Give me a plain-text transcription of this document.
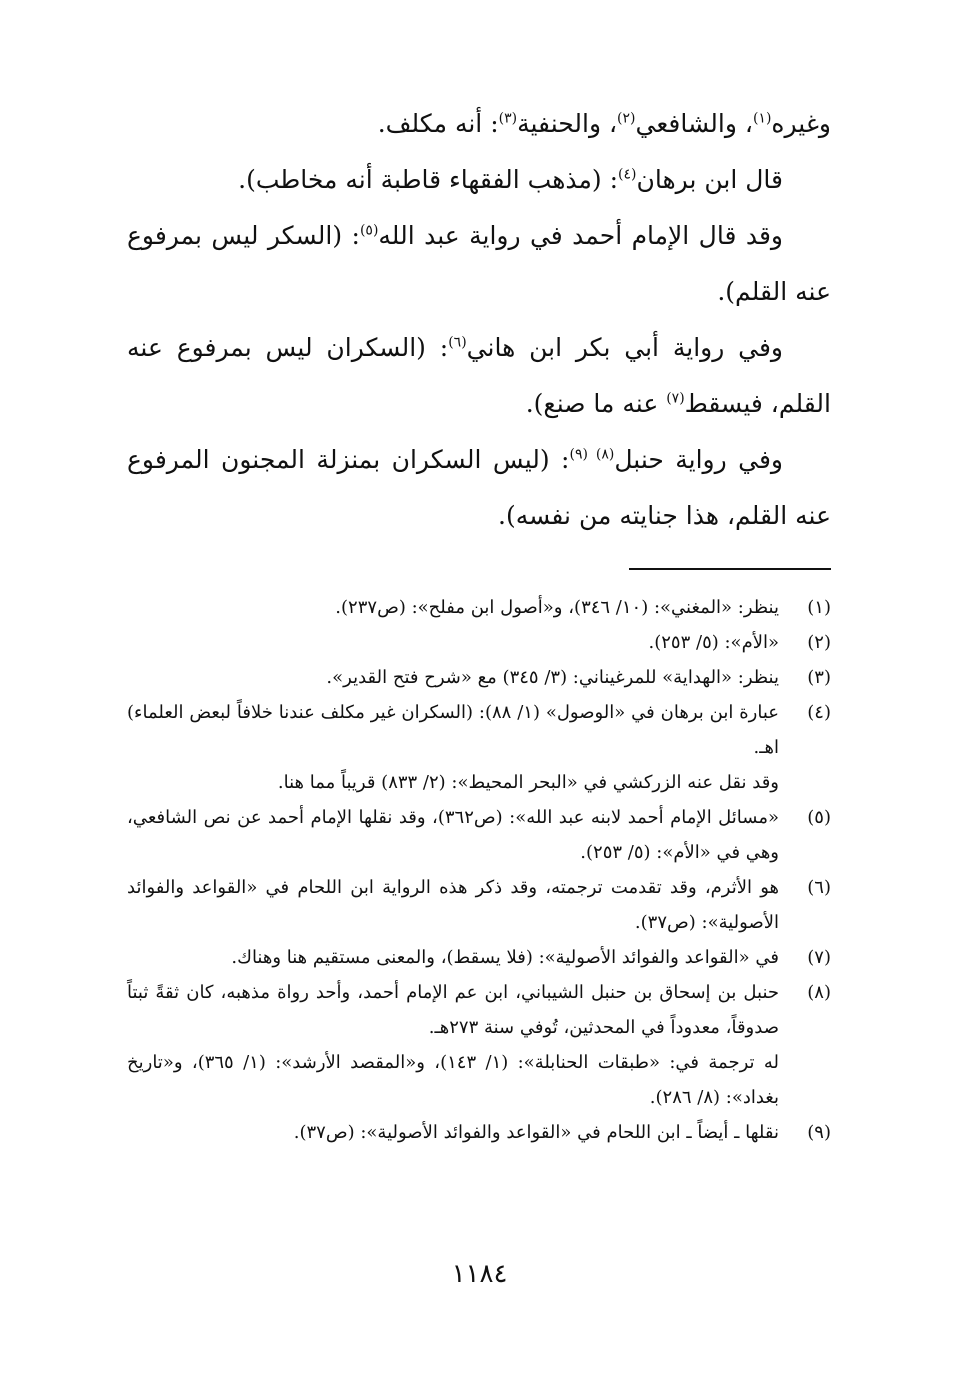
وغيره$^{(١)}$، والشافعي$^{(٢)}$، والحنفية$^{(٣)}$: أنه مكلف.

قال ابن برهان$^{(٤)}$: (مذهب الفقهاء قاطبة أنه مخاطب).

وقد قال الإمام أحمد في رواية عبد الله$^{(٥)}$: (السكر ليس بمرفوع عنه القلم).

وفي رواية أبي بكر ابن هاني$^{(٦)}$: (السكران ليس بمرفوع عنه القلم، فيسقط$^{(٧)}$ عنه ما صنع).

وفي رواية حنبل$^{(٨) (٩)}$: (ليس السكران بمنزلة المجنون المرفوع عنه القلم، هذا جنايته من نفسه).

(١)
ينظر: «المغني»: (١٠/ ٣٤٦)، و«أصول ابن مفلح»: (ص٢٣٧).
(٢)
«الأم»: (٥/ ٢٥٣).
(٣)
ينظر: «الهداية» للمرغيناني: (٣/ ٣٤٥) مع «شرح فتح القدير».
(٤)
عبارة ابن برهان في «الوصول» (١/ ٨٨): (السكران غير مكلف عندنا خلافاً لبعض العلماء) اهـ.
وقد نقل عنه الزركشي في «البحر المحيط»: (٢/ ٨٣٣) قريباً مما هنا.
(٥)
«مسائل الإمام أحمد لابنه عبد الله»: (ص٣٦٢)، وقد نقلها الإمام أحمد عن نص الشافعي، وهي في «الأم»: (٥/ ٢٥٣).
(٦)
هو الأثرم، وقد تقدمت ترجمته، وقد ذكر هذه الرواية ابن اللحام في «القواعد والفوائد الأصولية»: (ص٣٧).
(٧)
في «القواعد والفوائد الأصولية»: (فلا يسقط)، والمعنى مستقيم هنا وهناك.
(٨)
حنبل بن إسحاق بن حنبل الشيباني، ابن عم الإمام أحمد، وأحد رواة مذهبه، كان ثقةً ثبتاً صدوقاً، معدوداً في المحدثين، تُوفي سنة ٢٧٣هـ.
له ترجمة في: «طبقات الحنابلة»: (١/ ١٤٣)، و«المقصد الأرشد»: (١/ ٣٦٥)، و«تاريخ بغداد»: (٨/ ٢٨٦).
(٩)
نقلها ـ أيضاً ـ ابن اللحام في «القواعد والفوائد الأصولية»: (ص٣٧).
١١٨٤
